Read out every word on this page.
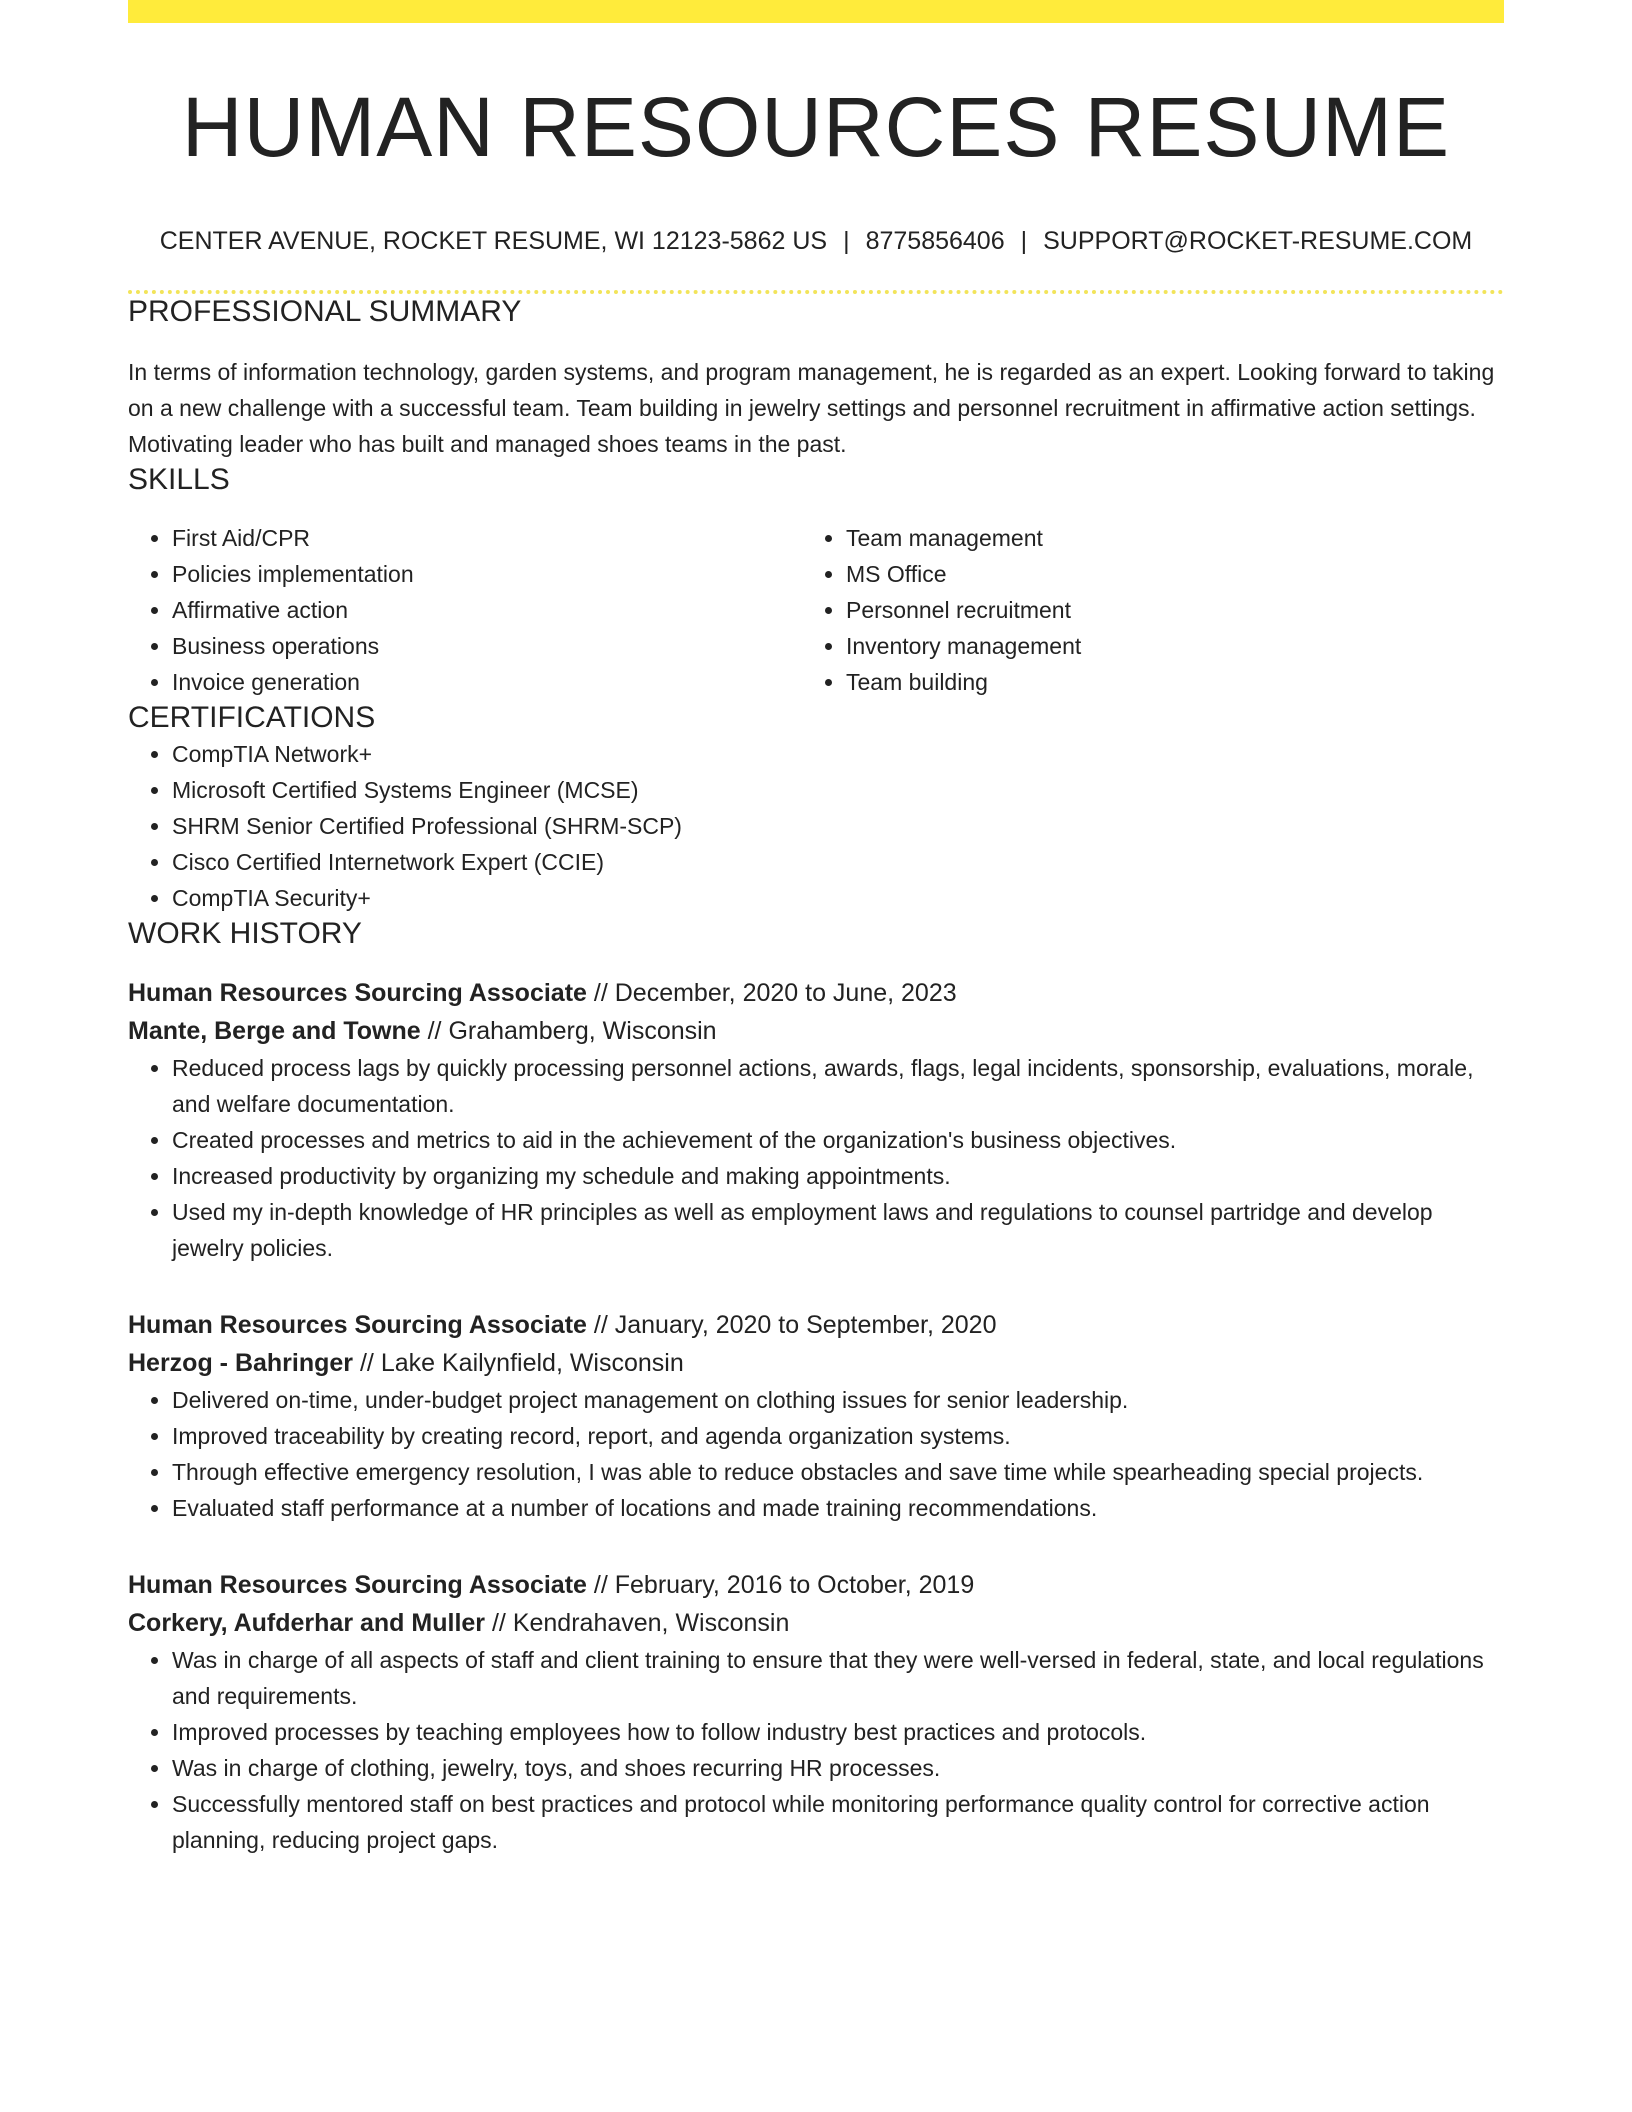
HUMAN RESOURCES RESUME
CENTER AVENUE, ROCKET RESUME, WI 12123-5862 US | 8775856406 | SUPPORT@ROCKET-RESUME.COM
PROFESSIONAL SUMMARY
In terms of information technology, garden systems, and program management, he is regarded as an expert. Looking forward to taking on a new challenge with a successful team. Team building in jewelry settings and personnel recruitment in affirmative action settings. Motivating leader who has built and managed shoes teams in the past.
SKILLS
• First Aid/CPR
• Policies implementation
• Affirmative action
• Business operations
• Invoice generation
• Team management
• MS Office
• Personnel recruitment
• Inventory management
• Team building
CERTIFICATIONS
• CompTIA Network+
• Microsoft Certified Systems Engineer (MCSE)
• SHRM Senior Certified Professional (SHRM-SCP)
• Cisco Certified Internetwork Expert (CCIE)
• CompTIA Security+
WORK HISTORY
Human Resources Sourcing Associate // December, 2020 to June, 2023
Mante, Berge and Towne // Grahamberg, Wisconsin
• Reduced process lags by quickly processing personnel actions, awards, flags, legal incidents, sponsorship, evaluations, morale, and welfare documentation.
• Created processes and metrics to aid in the achievement of the organization's business objectives.
• Increased productivity by organizing my schedule and making appointments.
• Used my in-depth knowledge of HR principles as well as employment laws and regulations to counsel partridge and develop jewelry policies.
Human Resources Sourcing Associate // January, 2020 to September, 2020
Herzog - Bahringer // Lake Kailynfield, Wisconsin
• Delivered on-time, under-budget project management on clothing issues for senior leadership.
• Improved traceability by creating record, report, and agenda organization systems.
• Through effective emergency resolution, I was able to reduce obstacles and save time while spearheading special projects.
• Evaluated staff performance at a number of locations and made training recommendations.
Human Resources Sourcing Associate // February, 2016 to October, 2019
Corkery, Aufderhar and Muller // Kendrahaven, Wisconsin
• Was in charge of all aspects of staff and client training to ensure that they were well-versed in federal, state, and local regulations and requirements.
• Improved processes by teaching employees how to follow industry best practices and protocols.
• Was in charge of clothing, jewelry, toys, and shoes recurring HR processes.
• Successfully mentored staff on best practices and protocol while monitoring performance quality control for corrective action planning, reducing project gaps.
